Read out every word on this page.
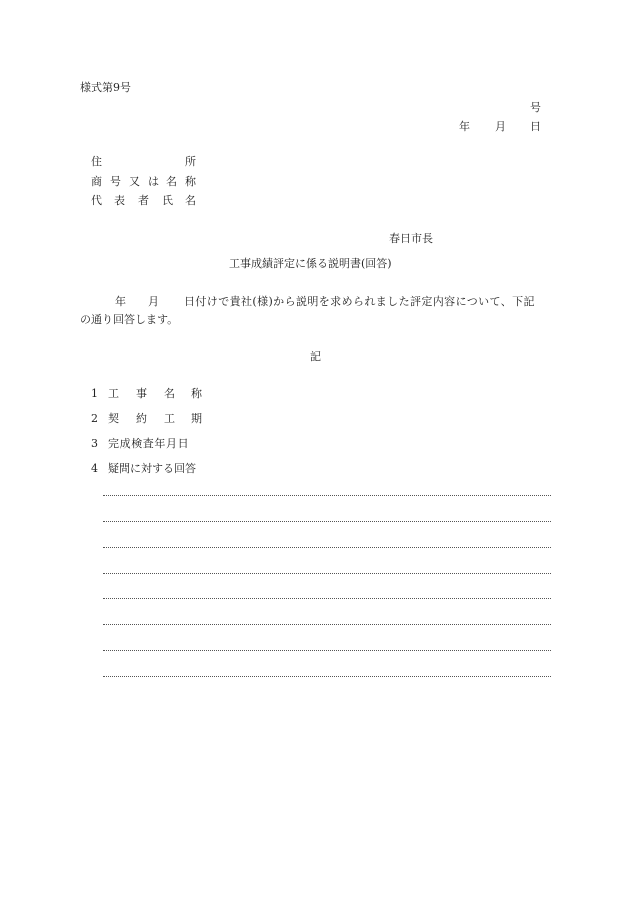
様式第9号
号
年 月 日
住	所
商 号 又 は 名 称
代 表 者 氏 名
春日市長
工事成績評定に係る説明書(回答)
年 月 日付けで貴社(様)から説明を求められました評定内容について、下記
の通り回答します。
記
1 工 事 名 称
2 契 約 工 期
3 完成検査年月日
4 疑問に対する回答
